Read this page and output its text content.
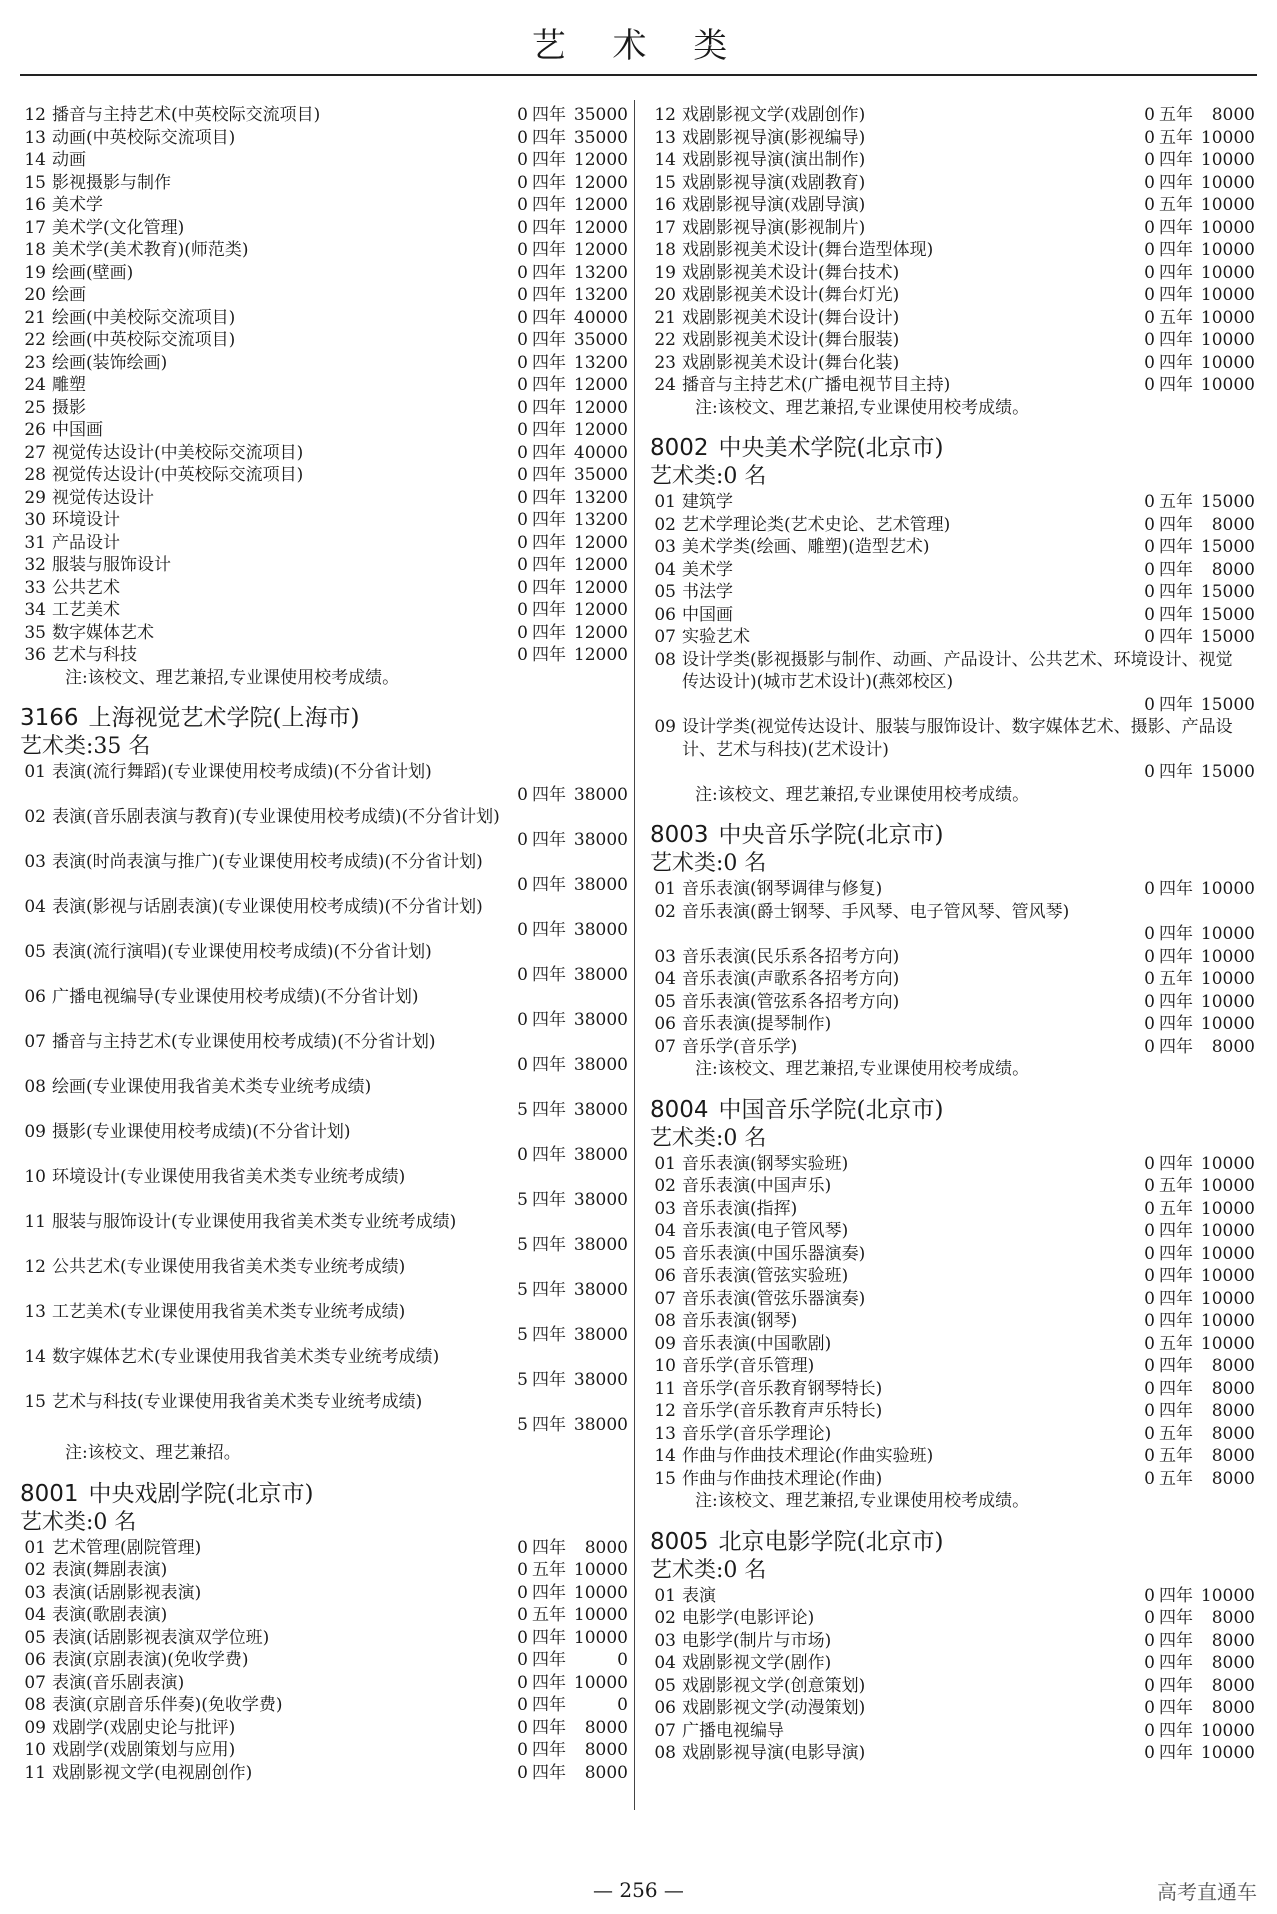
艺 术 类
12 播音与主持艺术(中英校际交流项目)	0 四年 35000
13 动画(中英校际交流项目)	0 四年 35000
14 动画	0 四年 12000
15 影视摄影与制作	0 四年 12000
16 美术学	0 四年 12000
17 美术学(文化管理)	0 四年 12000
18 美术学(美术教育)(师范类)	0 四年 12000
19 绘画(壁画)	0 四年 13200
20 绘画	0 四年 13200
21 绘画(中美校际交流项目)	0 四年 40000
22 绘画(中英校际交流项目)	0 四年 35000
23 绘画(装饰绘画)	0 四年 13200
24 雕塑	0 四年 12000
25 摄影	0 四年 12000
26 中国画	0 四年 12000
27 视觉传达设计(中美校际交流项目)	0 四年 40000
28 视觉传达设计(中英校际交流项目)	0 四年 35000
29 视觉传达设计	0 四年 13200
30 环境设计	0 四年 13200
31 产品设计	0 四年 12000
32 服装与服饰设计	0 四年 12000
33 公共艺术	0 四年 12000
34 工艺美术	0 四年 12000
35 数字媒体艺术	0 四年 12000
36 艺术与科技	0 四年 12000
注:该校文、理艺兼招,专业课使用校考成绩。
3166 上海视觉艺术学院(上海市)
艺术类:35 名
01 表演(流行舞蹈)(专业课使用校考成绩)(不分省计划)
0 四年 38000
02 表演(音乐剧表演与教育)(专业课使用校考成绩)(不分省计划)
0 四年 38000
03 表演(时尚表演与推广)(专业课使用校考成绩)(不分省计划)
0 四年 38000
04 表演(影视与话剧表演)(专业课使用校考成绩)(不分省计划)
0 四年 38000
05 表演(流行演唱)(专业课使用校考成绩)(不分省计划)
0 四年 38000
06 广播电视编导(专业课使用校考成绩)(不分省计划)
0 四年 38000
07 播音与主持艺术(专业课使用校考成绩)(不分省计划)
0 四年 38000
08 绘画(专业课使用我省美术类专业统考成绩)
5 四年 38000
09 摄影(专业课使用校考成绩)(不分省计划)
0 四年 38000
10 环境设计(专业课使用我省美术类专业统考成绩)
5 四年 38000
11 服装与服饰设计(专业课使用我省美术类专业统考成绩)
5 四年 38000
12 公共艺术(专业课使用我省美术类专业统考成绩)
5 四年 38000
13 工艺美术(专业课使用我省美术类专业统考成绩)
5 四年 38000
14 数字媒体艺术(专业课使用我省美术类专业统考成绩)
5 四年 38000
15 艺术与科技(专业课使用我省美术类专业统考成绩)
5 四年 38000
注:该校文、理艺兼招。
8001 中央戏剧学院(北京市)
艺术类:0 名
01 艺术管理(剧院管理)	0 四年	8000
02 表演(舞剧表演)	0 五年 10000
03 表演(话剧影视表演)	0 四年 10000
04 表演(歌剧表演)	0 五年 10000
05 表演(话剧影视表演双学位班)	0 四年 10000
06 表演(京剧表演)(免收学费)	0 四年	0
07 表演(音乐剧表演)	0 四年 10000
08 表演(京剧音乐伴奏)(免收学费)	0 四年	0
09 戏剧学(戏剧史论与批评)	0 四年	8000
10 戏剧学(戏剧策划与应用)	0 四年	8000
11 戏剧影视文学(电视剧创作)	0 四年	8000
12 戏剧影视文学(戏剧创作)	0 五年	8000
13 戏剧影视导演(影视编导)	0 五年 10000
14 戏剧影视导演(演出制作)	0 四年 10000
15 戏剧影视导演(戏剧教育)	0 四年 10000
16 戏剧影视导演(戏剧导演)	0 五年 10000
17 戏剧影视导演(影视制片)	0 四年 10000
18 戏剧影视美术设计(舞台造型体现)	0 四年 10000
19 戏剧影视美术设计(舞台技术)	0 四年 10000
20 戏剧影视美术设计(舞台灯光)	0 四年 10000
21 戏剧影视美术设计(舞台设计)	0 五年 10000
22 戏剧影视美术设计(舞台服装)	0 四年 10000
23 戏剧影视美术设计(舞台化装)	0 四年 10000
24 播音与主持艺术(广播电视节目主持)	0 四年 10000
注:该校文、理艺兼招,专业课使用校考成绩。
8002 中央美术学院(北京市)
艺术类:0 名
01 建筑学	0 五年 15000
02 艺术学理论类(艺术史论、艺术管理)	0 四年	8000
03 美术学类(绘画、雕塑)(造型艺术)	0 四年 15000
04 美术学	0 四年	8000
05 书法学	0 四年 15000
06 中国画	0 四年 15000
07 实验艺术	0 四年 15000
08 设计学类(影视摄影与制作、动画、产品设计、公共艺术、环境设计、视觉传达设计)(城市艺术设计)(燕郊校区)
0 四年 15000
09 设计学类(视觉传达设计、服装与服饰设计、数字媒体艺术、摄影、产品设计、艺术与科技)(艺术设计)
0 四年 15000
注:该校文、理艺兼招,专业课使用校考成绩。
8003 中央音乐学院(北京市)
艺术类:0 名
01 音乐表演(钢琴调律与修复)	0 四年 10000
02 音乐表演(爵士钢琴、手风琴、电子管风琴、管风琴)
0 四年 10000
03 音乐表演(民乐系各招考方向)	0 四年 10000
04 音乐表演(声歌系各招考方向)	0 五年 10000
05 音乐表演(管弦系各招考方向)	0 四年 10000
06 音乐表演(提琴制作)	0 四年 10000
07 音乐学(音乐学)	0 四年	8000
注:该校文、理艺兼招,专业课使用校考成绩。
8004 中国音乐学院(北京市)
艺术类:0 名
01 音乐表演(钢琴实验班)	0 四年 10000
02 音乐表演(中国声乐)	0 五年 10000
03 音乐表演(指挥)	0 五年 10000
04 音乐表演(电子管风琴)	0 四年 10000
05 音乐表演(中国乐器演奏)	0 四年 10000
06 音乐表演(管弦实验班)	0 四年 10000
07 音乐表演(管弦乐器演奏)	0 四年 10000
08 音乐表演(钢琴)	0 四年 10000
09 音乐表演(中国歌剧)	0 五年 10000
10 音乐学(音乐管理)	0 四年	8000
11 音乐学(音乐教育钢琴特长)	0 四年	8000
12 音乐学(音乐教育声乐特长)	0 四年	8000
13 音乐学(音乐学理论)	0 五年	8000
14 作曲与作曲技术理论(作曲实验班)	0 五年	8000
15 作曲与作曲技术理论(作曲)	0 五年	8000
注:该校文、理艺兼招,专业课使用校考成绩。
8005 北京电影学院(北京市)
艺术类:0 名
01 表演	0 四年 10000
02 电影学(电影评论)	0 四年	8000
03 电影学(制片与市场)	0 四年	8000
04 戏剧影视文学(剧作)	0 四年	8000
05 戏剧影视文学(创意策划)	0 四年	8000
06 戏剧影视文学(动漫策划)	0 四年	8000
07 广播电视编导	0 四年 10000
08 戏剧影视导演(电影导演)	0 四年 10000
— 256 —	高考直通车
